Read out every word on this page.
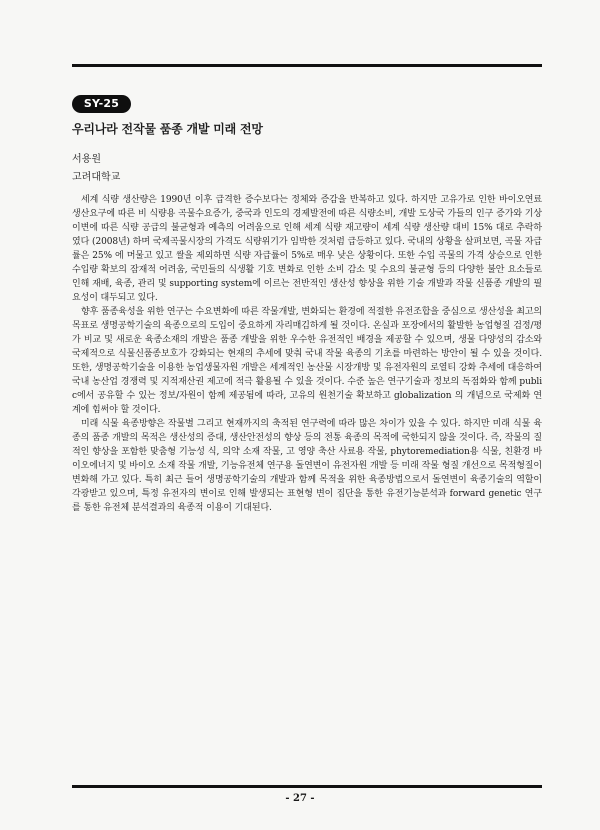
SY-25
우리나라 전작물 품종 개발 미래 전망
서용원
고려대학교

세계 식량 생산량은 1990년 이후 급격한 증수보다는 정체와 증감을 반복하고 있다. 하지만 고유가로 인한 바이오연료 생산요구에 따른 비 식량용 곡물수요증가, 중국과 인도의 경제발전에 따른 식량소비, 개발 도상국 가들의 인구 증가와 기상이변에 따른 식량 공급의 불균형과 예측의 어려움으로 인해 세계 식량 재고량이 세계 식량 생산량 대비 15% 대로 추락하였다 (2008년) 하며 국제곡물시장의 가격도 식량위기가 임박한 것처럼 급등하고 있다. 국내의 상황을 살펴보면, 곡물 자급률은 25% 에 머물고 있고 쌀을 제외하면 식량 자급률이 5%로 매우 낮은 상황이다. 또한 수입 곡물의 가격 상승으로 인한 수입량 확보의 잠재적 어려움, 국민들의 식생활 기호 변화로 인한 소비 감소 및 수요의 불균형 등의 다양한 불안 요소들로 인해 재배, 육종, 관리 및 supporting system에 이르는 전반적인 생산성 향상을 위한 기술 개발과 작물 신품종 개발의 필요성이 대두되고 있다.

향후 품종육성을 위한 연구는 수요변화에 따른 작물개발, 변화되는 환경에 적절한 유전조합을 중심으로 생산성을 최고의 목표로 생명공학기술의 육종으로의 도입이 중요하게 자리매김하게 될 것이다. 온실과 포장에서의 활발한 농업형질 검정/평가 비교 및 새로운 육종소재의 개발은 품종 개발을 위한 우수한 유전적인 배경을 제공할 수 있으며, 생물 다양성의 감소와 국제적으로 식물신품종보호가 강화되는 현재의 추세에 맞춰 국내 작물 육종의 기초를 마련하는 방안이 될 수 있을 것이다. 또한, 생명공학기술을 이용한 농업생물자원 개발은 세계적인 농산물 시장개방 및 유전자원의 로열티 강화 추세에 대응하여 국내 농산업 경쟁력 및 지적재산권 제고에 적극 활용될 수 있을 것이다. 수준 높은 연구기술과 정보의 독점화와 함께 public에서 공유할 수 있는 정보/자원이 함께 제공됨에 따라, 고유의 원천기술 확보하고 globalization 의 개념으로 국제화 연계에 힘써야 할 것이다.

미래 식물 육종방향은 작물별 그리고 현재까지의 축적된 연구력에 따라 많은 차이가 있을 수 있다. 하지만 미래 식물 육종의 품종 개발의 목적은 생산성의 증대, 생산안전성의 향상 등의 전통 육종의 목적에 국한되지 않을 것이다. 즉, 작물의 질적인 향상을 포함한 맞춤형 기능성 식, 의약 소재 작물, 고 영양 축산 사료용 작물, phytoremediation용 식물, 친환경 바이오에너지 및 바이오 소재 작물 개발, 기능유전체 연구용 돌연변이 유전자원 개발 등 미래 작물 형질 개선으로 목적형질이 변화해 가고 있다. 특히 최근 들어 생명공학기술의 개발과 함께 목적을 위한 육종방법으로서 돌연변이 육종기술의 역할이 각광받고 있으며, 특정 유전자의 변이로 인해 발생되는 표현형 변이 집단을 통한 유전기능분석과 forward genetic 연구를 통한 유전체 분석결과의 육종적 이용이 기대된다.

- 27 -
